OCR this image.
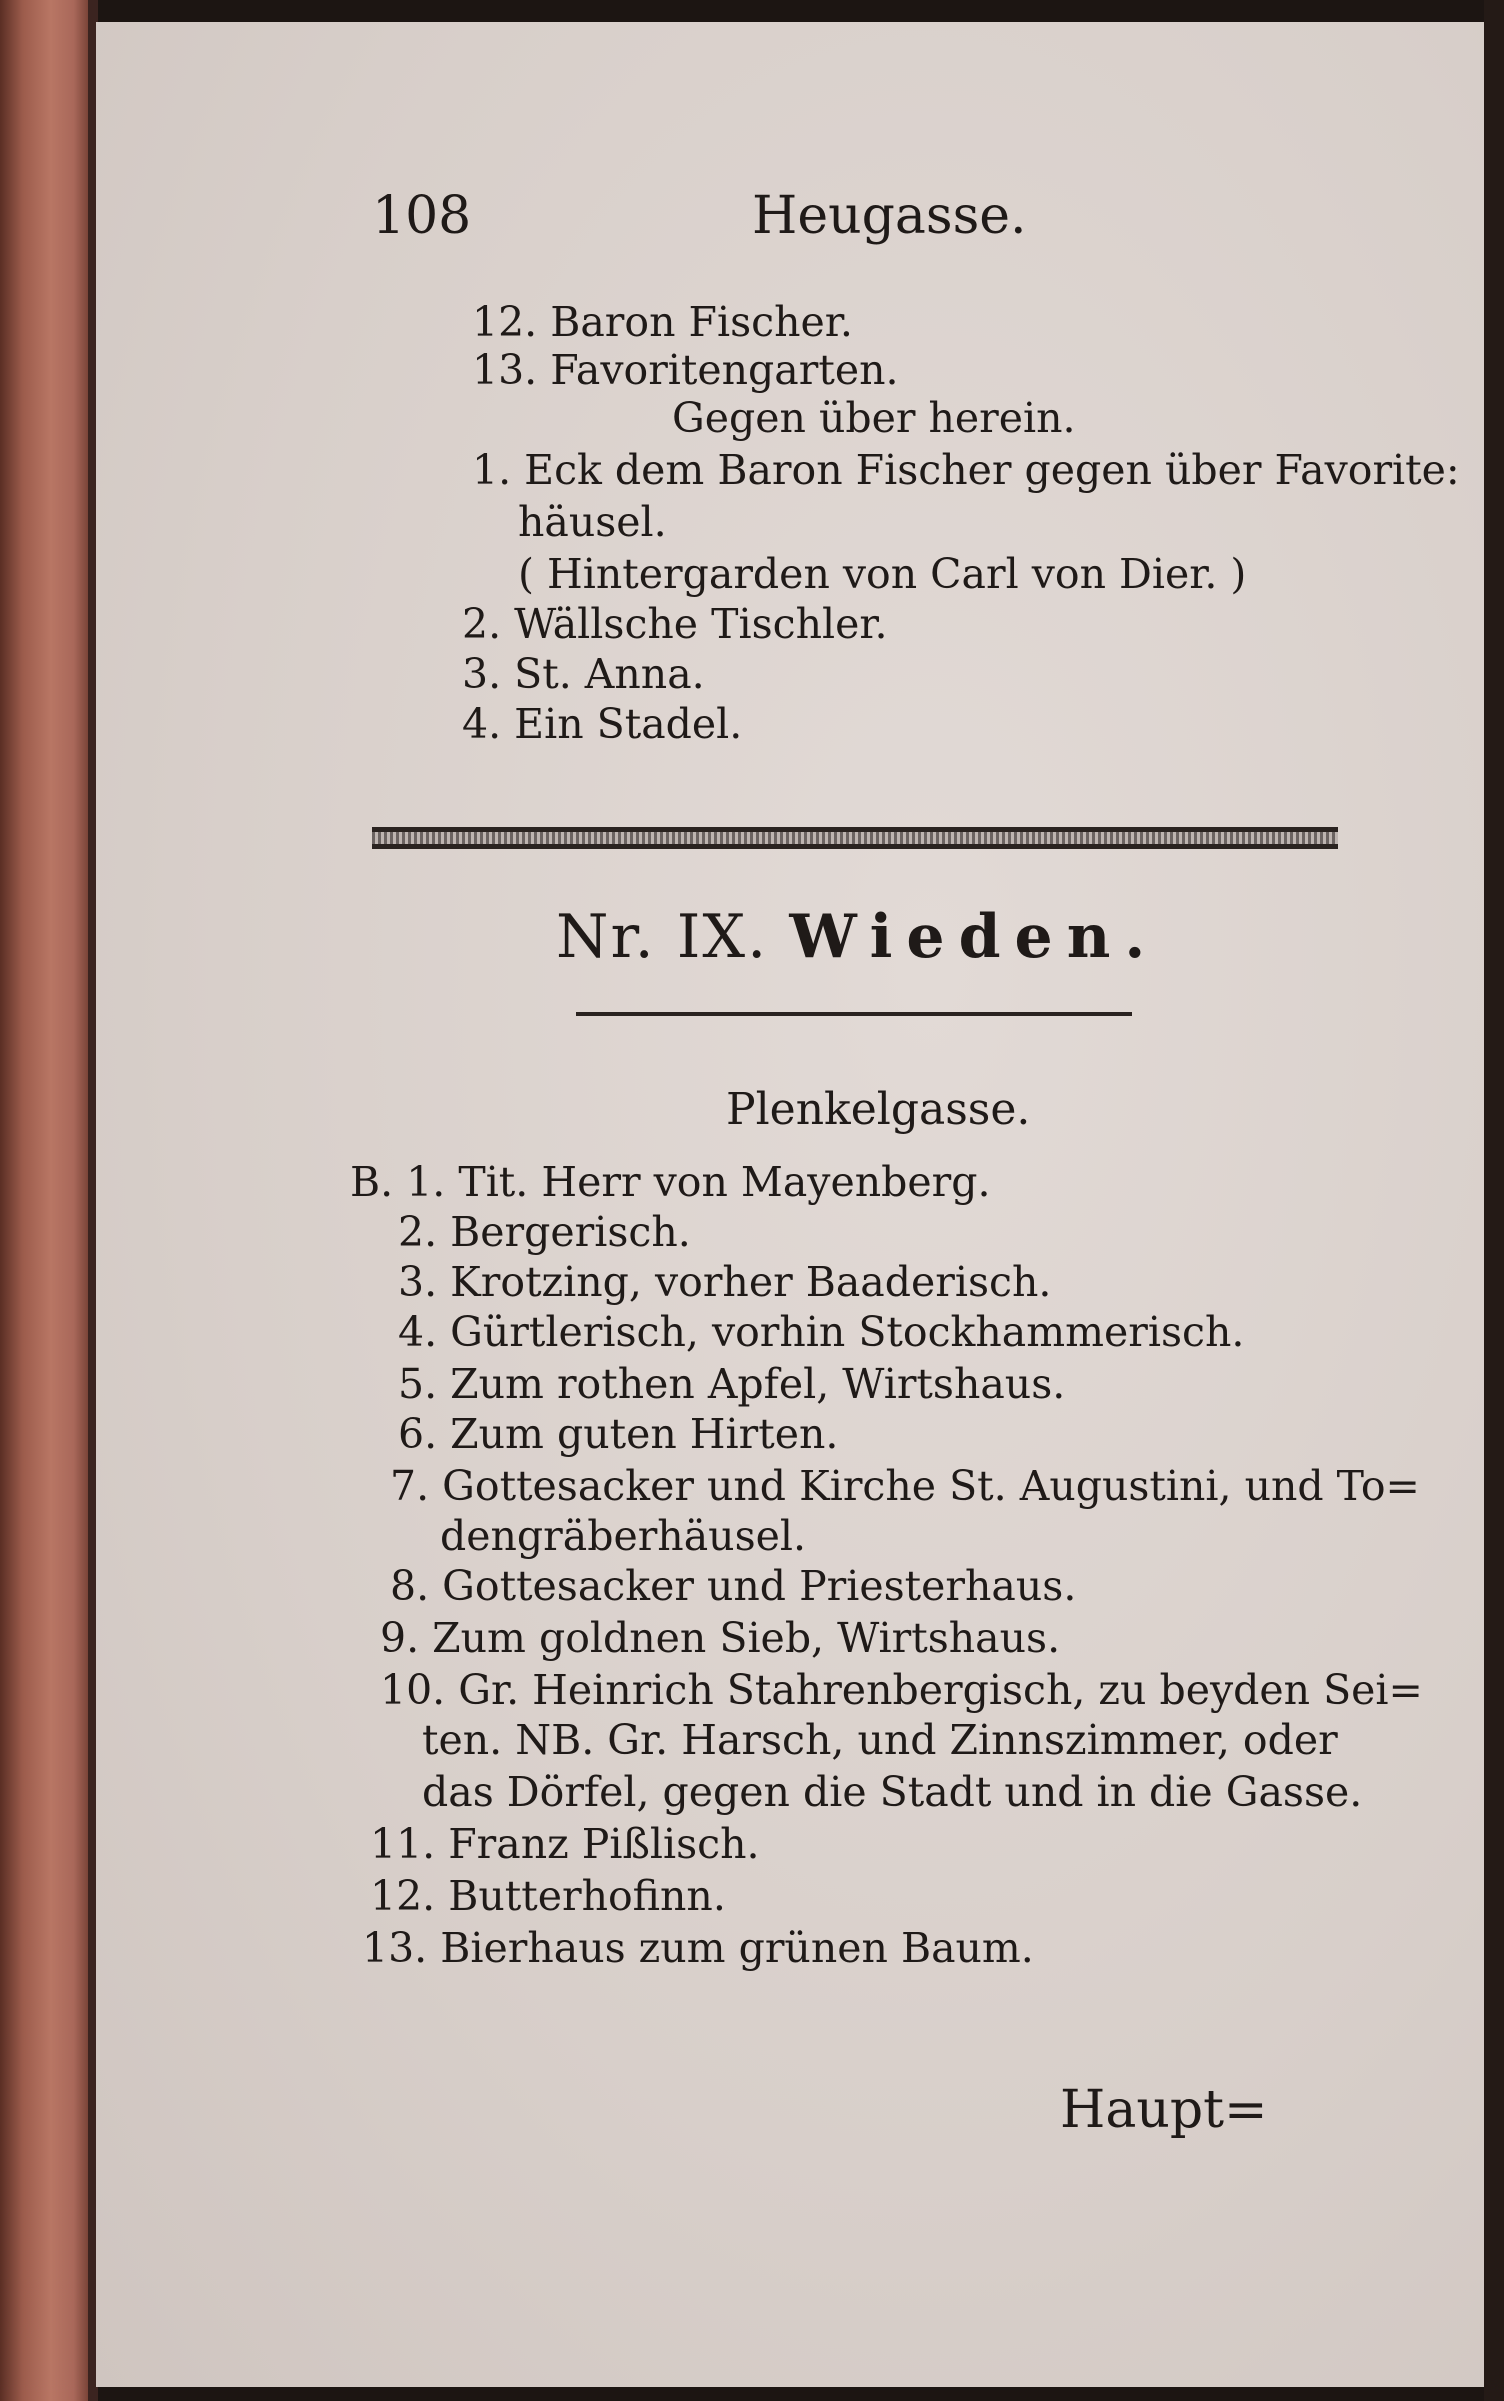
108	Heugasse.
12. Baron Fischer.
13. Favoritengarten.
Gegen über herein.
1. Eck dem Baron Fischer gegen über Favorite:
häusel.
( Hintergarden von Carl von Dier. )
2. Wällsche Tischler.
3. St. Anna.
4. Ein Stadel.
Nr. IX. Wieden.
Plenkelgasse.
B. 1. Tit. Herr von Mayenberg.
2. Bergerisch.
3. Krotzing, vorher Baaderisch.
4. Gürtlerisch, vorhin Stockhammerisch.
5. Zum rothen Apfel, Wirtshaus.
6. Zum guten Hirten.
7. Gottesacker und Kirche St. Augustini, und To=
dengräberhäusel.
8. Gottesacker und Priesterhaus.
9. Zum goldnen Sieb, Wirtshaus.
10. Gr. Heinrich Stahrenbergisch, zu beyden Sei=
ten. NB. Gr. Harsch, und Zinnszimmer, oder
das Dörfel, gegen die Stadt und in die Gasse.
11. Franz Pißlisch.
12. Butterhofinn.
13. Bierhaus zum grünen Baum.
Haupt=
